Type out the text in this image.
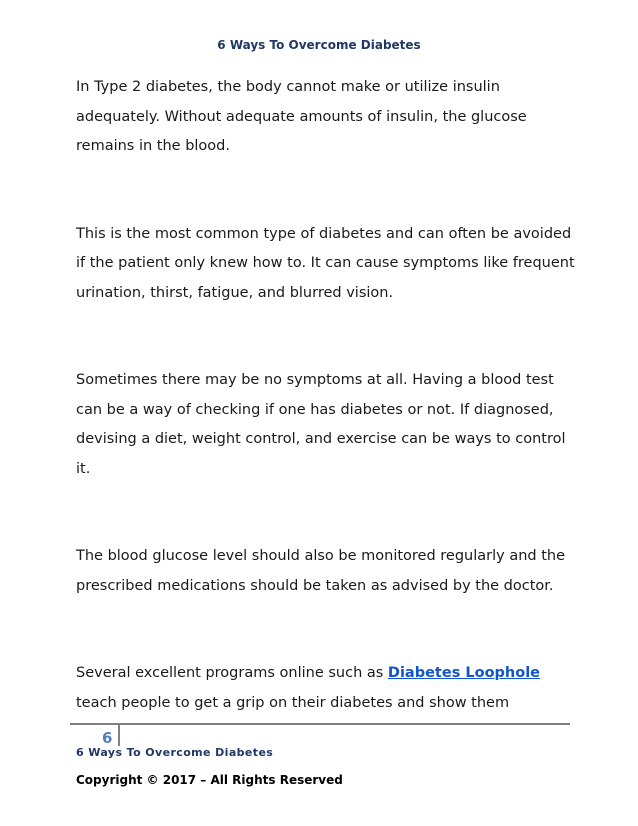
6 Ways To Overcome Diabetes

In Type 2 diabetes, the body cannot make or utilize insulin adequately. Without adequate amounts of insulin, the glucose remains in the blood.

This is the most common type of diabetes and can often be avoided if the patient only knew how to. It can cause symptoms like frequent urination, thirst, fatigue, and blurred vision.

Sometimes there may be no symptoms at all. Having a blood test can be a way of checking if one has diabetes or not. If diagnosed, devising a diet, weight control, and exercise can be ways to control it.

The blood glucose level should also be monitored regularly and the prescribed medications should be taken as advised by the doctor.

Several excellent programs online such as Diabetes Loophole teach people to get a grip on their diabetes and show them

6
6 Ways To Overcome Diabetes
Copyright © 2017 – All Rights Reserved
